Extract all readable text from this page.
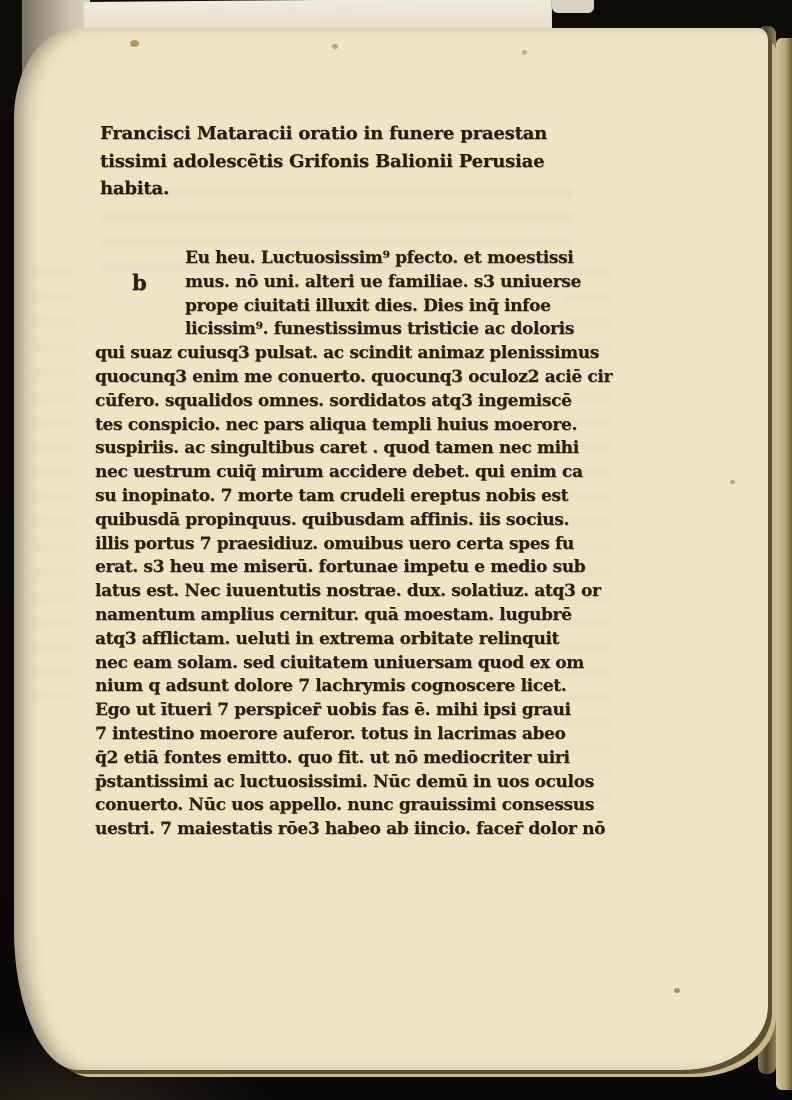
Francisci Mataracii oratio in funere praestan
tissimi adolescētis Grifonis Balionii Perusiae
habita.
b
Eu heu. Luctuosissim⁹ pfecto. et moestissi
mus. nō uni. alteri ue familiae. s3 uniuerse
prope ciuitati illuxit dies. Dies inq̄ infoe
licissim⁹. funestissimus tristicie ac doloris
qui suaz cuiusq3 pulsat. ac scindit animaz plenissimus
quocunq3 enim me conuerto. quocunq3 oculoz2 aciē cir
cūfero. squalidos omnes. sordidatos atq3 ingemiscē
tes conspicio. nec pars aliqua templi huius moerore.
suspiriis. ac singultibus caret . quod tamen nec mihi
nec uestrum cuiq̄ mirum accidere debet. qui enim ca
su inopinato. 7 morte tam crudeli ereptus nobis est
quibusdā propinquus. quibusdam affinis. iis socius.
illis portus 7 praesidiuz. omuibus uero certa spes fu
erat. s3 heu me miserū. fortunae impetu e medio sub
latus est. Nec iuuentutis nostrae. dux. solatiuz. atq3 or
namentum amplius cernitur. quā moestam. lugubrē
atq3 afflictam. ueluti in extrema orbitate relinquit
nec eam solam. sed ciuitatem uniuersam quod ex om
nium q adsunt dolore 7 lachrymis cognoscere licet.
Ego ut ītueri 7 perspicer̄ uobis fas ē. mihi ipsi graui
7 intestino moerore auferor. totus in lacrimas abeo
q̄2 etiā fontes emitto. quo fit. ut nō mediocriter uiri
p̄stantissimi ac luctuosissimi. Nūc demū in uos oculos
conuerto. Nūc uos appello. nunc grauissimi consessus
uestri. 7 maiestatis rōe3 habeo ab iincio. facer̄ dolor nō
